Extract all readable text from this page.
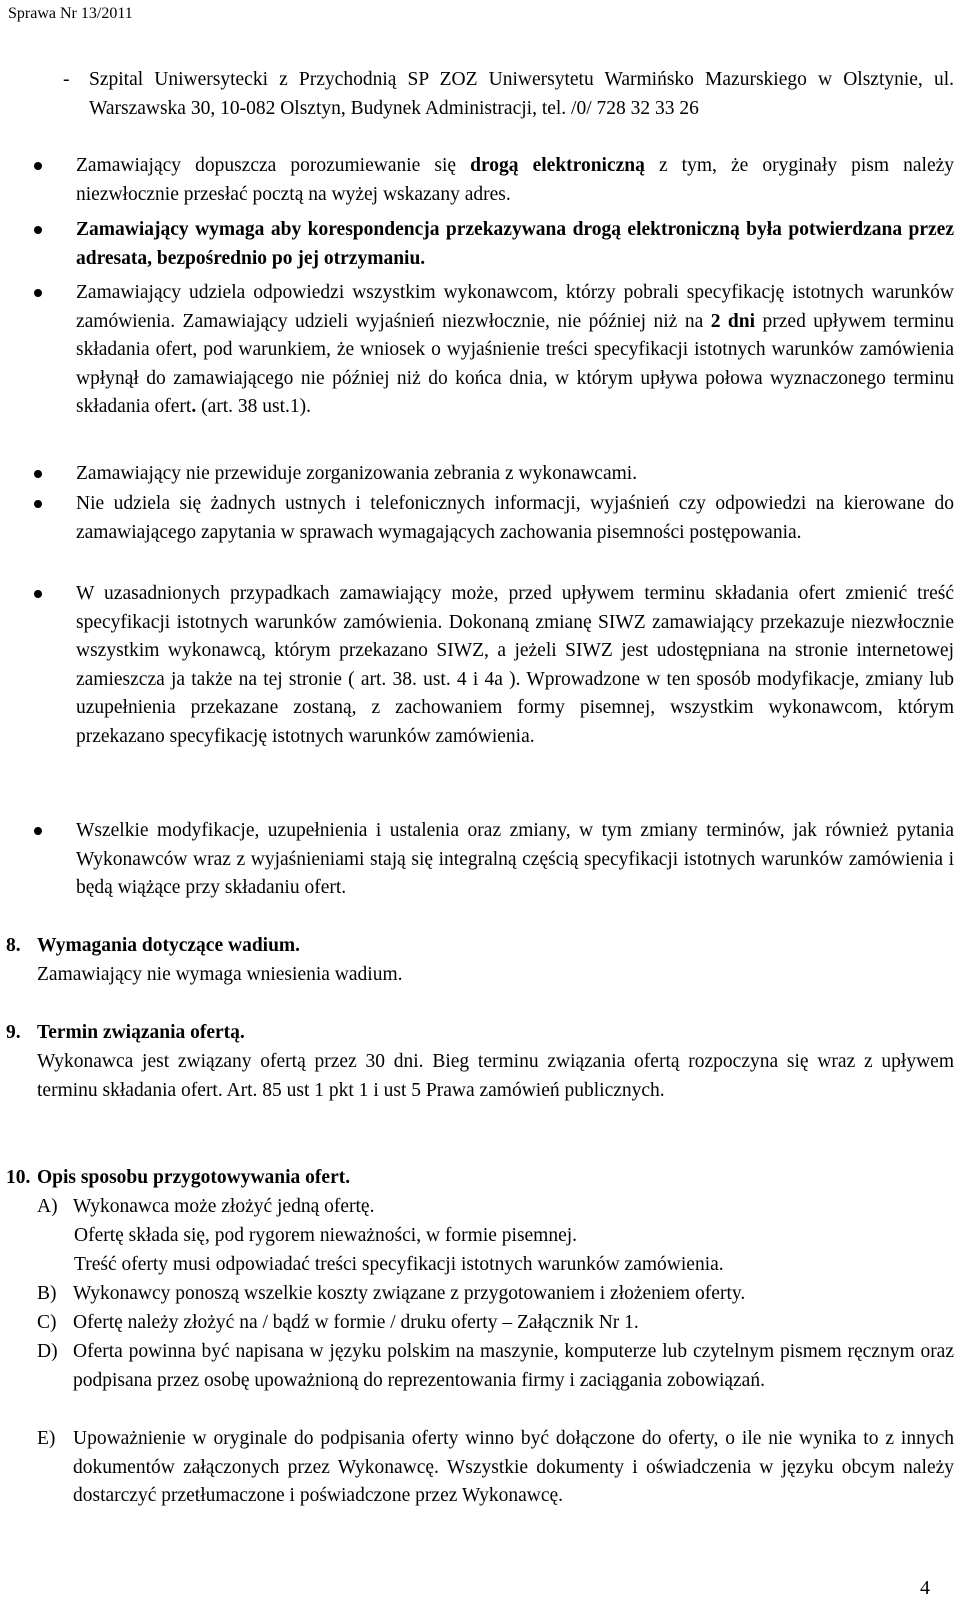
Sprawa Nr 13/2011
- Szpital Uniwersytecki z Przychodnią SP ZOZ Uniwersytetu Warmińsko Mazurskiego w Olsztynie, ul. Warszawska 30, 10-082 Olsztyn, Budynek Administracji, tel. /0/ 728 32 33 26
Zamawiający dopuszcza porozumiewanie się drogą elektroniczną z tym, że oryginały pism należy niezwłocznie przesłać pocztą na wyżej wskazany adres.
Zamawiający wymaga aby korespondencja przekazywana drogą elektroniczną była potwierdzana przez adresata, bezpośrednio po jej otrzymaniu.
Zamawiający udziela odpowiedzi wszystkim wykonawcom, którzy pobrali specyfikację istotnych warunków zamówienia. Zamawiający udzieli wyjaśnień niezwłocznie, nie później niż na 2 dni przed upływem terminu składania ofert, pod warunkiem, że wniosek o wyjaśnienie treści specyfikacji istotnych warunków zamówienia wpłynął do zamawiającego nie później niż do końca dnia, w którym upływa połowa wyznaczonego terminu składania ofert. (art. 38 ust.1).
Zamawiający nie przewiduje zorganizowania zebrania z wykonawcami.
Nie udziela się żadnych ustnych i telefonicznych informacji, wyjaśnień czy odpowiedzi na kierowane do zamawiającego zapytania w sprawach wymagających zachowania pisemności postępowania.
W uzasadnionych przypadkach zamawiający może, przed upływem terminu składania ofert zmienić treść specyfikacji istotnych warunków zamówienia. Dokonaną zmianę SIWZ zamawiający przekazuje niezwłocznie wszystkim wykonawcą, którym przekazano SIWZ, a jeżeli SIWZ jest udostępniana na stronie internetowej zamieszcza ja także na tej stronie ( art. 38. ust. 4 i 4a ). Wprowadzone w ten sposób modyfikacje, zmiany lub uzupełnienia przekazane zostaną, z zachowaniem formy pisemnej, wszystkim wykonawcom, którym przekazano specyfikację istotnych warunków zamówienia.
Wszelkie modyfikacje, uzupełnienia i ustalenia oraz zmiany, w tym zmiany terminów, jak również pytania Wykonawców wraz z wyjaśnieniami stają się integralną częścią specyfikacji istotnych warunków zamówienia i będą wiążące przy składaniu ofert.
8. Wymagania dotyczące wadium.
Zamawiający nie wymaga wniesienia wadium.
9. Termin związania ofertą.
Wykonawca jest związany ofertą przez 30 dni. Bieg terminu związania ofertą rozpoczyna się wraz z upływem terminu składania ofert. Art. 85 ust 1 pkt 1 i ust 5 Prawa zamówień publicznych.
10. Opis sposobu przygotowywania ofert.
A) Wykonawca może złożyć jedną ofertę.
Ofertę składa się, pod rygorem nieważności, w formie pisemnej.
Treść oferty musi odpowiadać treści specyfikacji istotnych warunków zamówienia.
B) Wykonawcy ponoszą wszelkie koszty związane z przygotowaniem i złożeniem oferty.
C) Ofertę należy złożyć na / bądź w formie / druku oferty – Załącznik Nr 1.
D) Oferta powinna być napisana w języku polskim na maszynie, komputerze lub czytelnym pismem ręcznym oraz podpisana przez osobę upoważnioną do reprezentowania firmy i zaciągania zobowiązań.
E) Upoważnienie w oryginale do podpisania oferty winno być dołączone do oferty, o ile nie wynika to z innych dokumentów załączonych przez Wykonawcę. Wszystkie dokumenty i oświadczenia w języku obcym należy dostarczyć przetłumaczone i poświadczone przez Wykonawcę.
4
